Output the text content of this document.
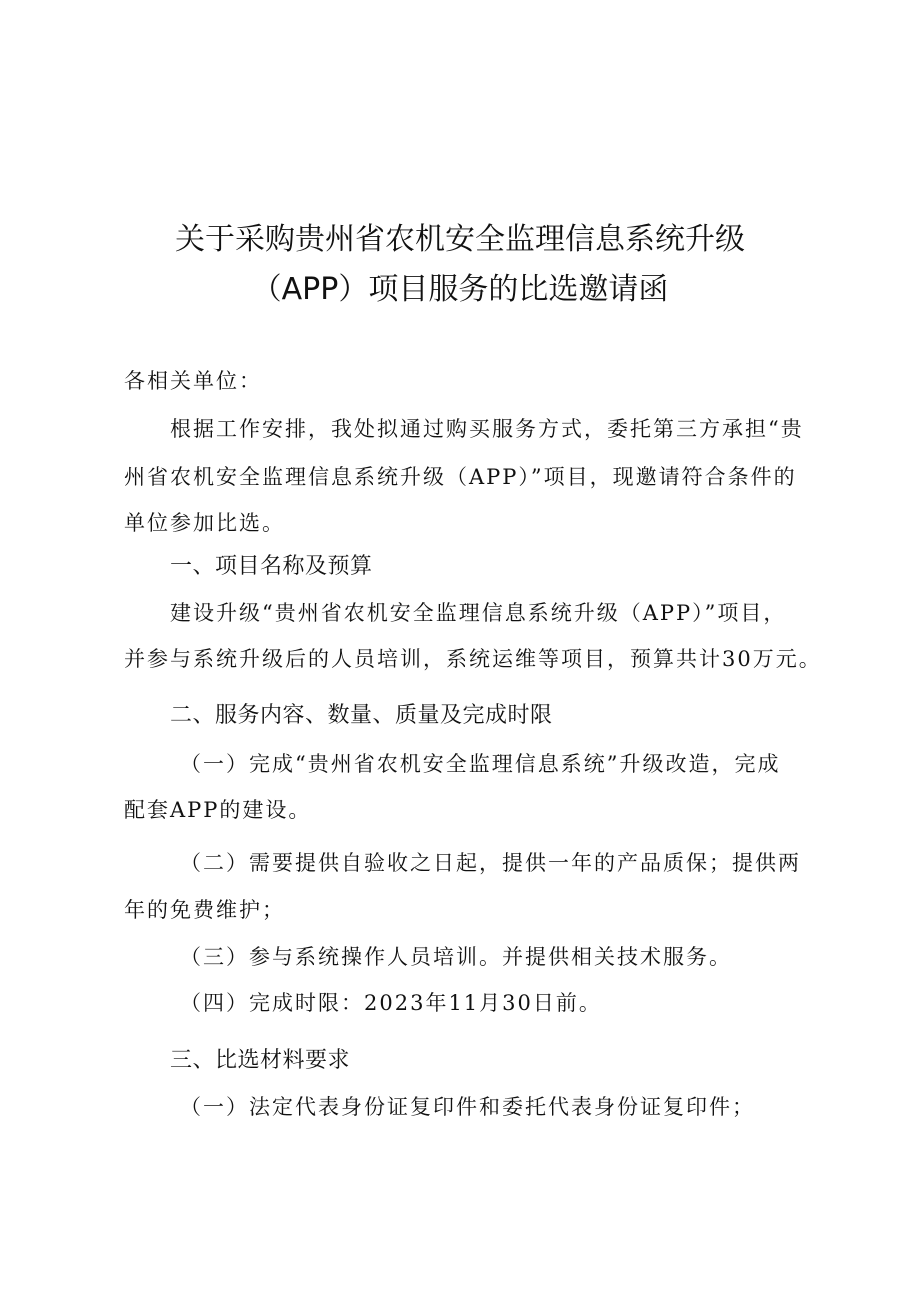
关于采购贵州省农机安全监理信息系统升级
（APP）项目服务的比选邀请函
各相关单位：
根据工作安排，我处拟通过购买服务方式，委托第三方承担“贵
州省农机安全监理信息系统升级（APP）”项目，现邀请符合条件的
单位参加比选。
一、项目名称及预算
建设升级“贵州省农机安全监理信息系统升级（APP）”项目，
并参与系统升级后的人员培训，系统运维等项目，预算共计30万元。
二、服务内容、数量、质量及完成时限
（一）完成“贵州省农机安全监理信息系统”升级改造，完成
配套APP的建设。
（二）需要提供自验收之日起，提供一年的产品质保；提供两
年的免费维护；
（三）参与系统操作人员培训。并提供相关技术服务。
（四）完成时限：2023年11月30日前。
三、比选材料要求
（一）法定代表身份证复印件和委托代表身份证复印件；
